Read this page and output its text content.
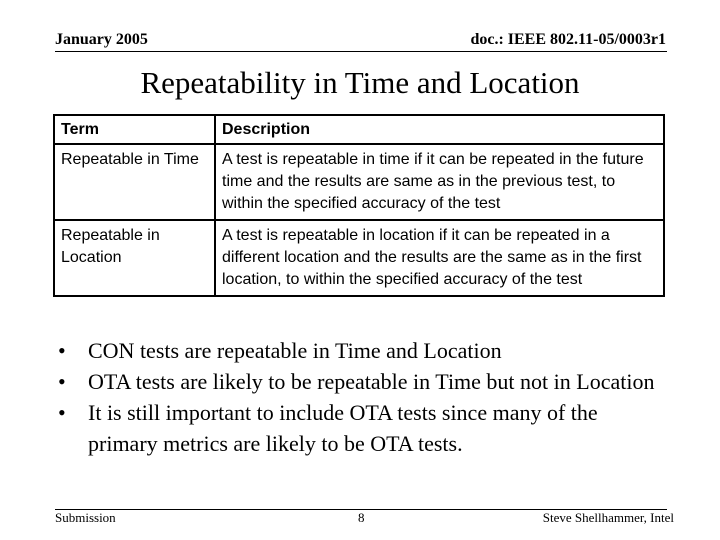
January 2005	doc.: IEEE 802.11-05/0003r1
Repeatability in Time and Location
Term	Description
Repeatable in Time	A test is repeatable in time if it can be repeated in the future time and the results are same as in the previous test, to within the specified accuracy of the test
Repeatable in Location	A test is repeatable in location if it can be repeated in a different location and the results are the same as in the first location, to within the specified accuracy of the test
• CON tests are repeatable in Time and Location
• OTA tests are likely to be repeatable in Time but not in Location
• It is still important to include OTA tests since many of the primary metrics are likely to be OTA tests.
Submission	8	Steve Shellhammer, Intel
